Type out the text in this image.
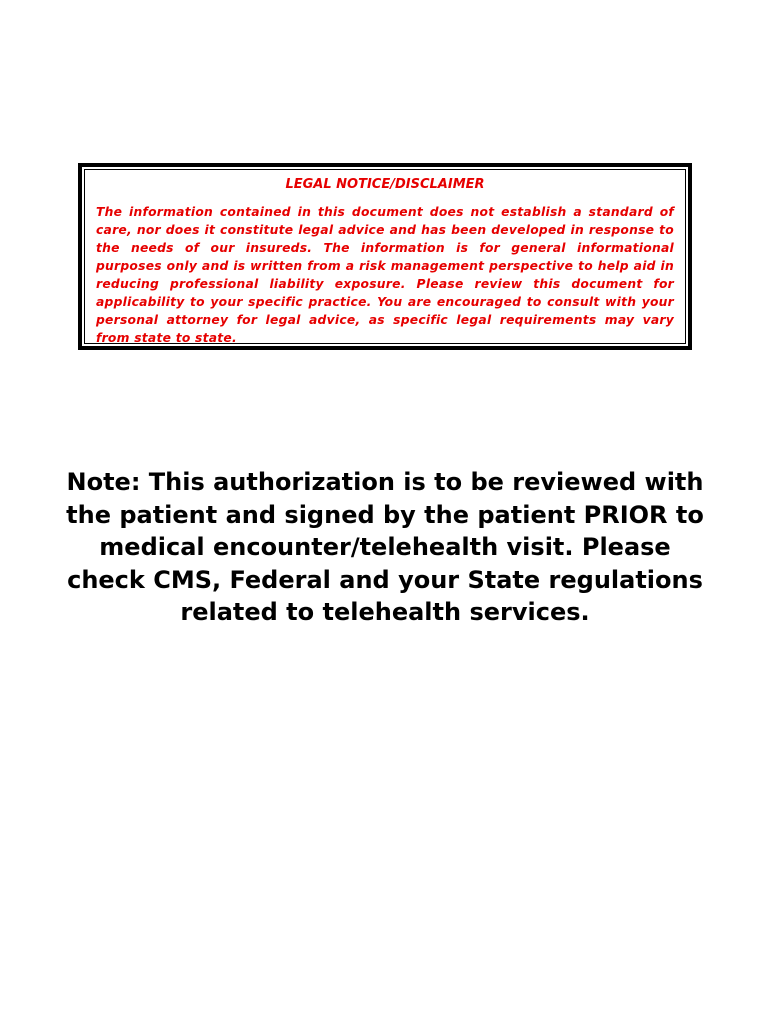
LEGAL NOTICE/DISCLAIMER

The information contained in this document does not establish a standard of care, nor does it constitute legal advice and has been developed in response to the needs of our insureds. The information is for general informational purposes only and is written from a risk management perspective to help aid in reducing professional liability exposure. Please review this document for applicability to your specific practice. You are encouraged to consult with your personal attorney for legal advice, as specific legal requirements may vary from state to state.

Note: This authorization is to be reviewed with the patient and signed by the patient PRIOR to medical encounter/telehealth visit. Please check CMS, Federal and your State regulations related to telehealth services.
